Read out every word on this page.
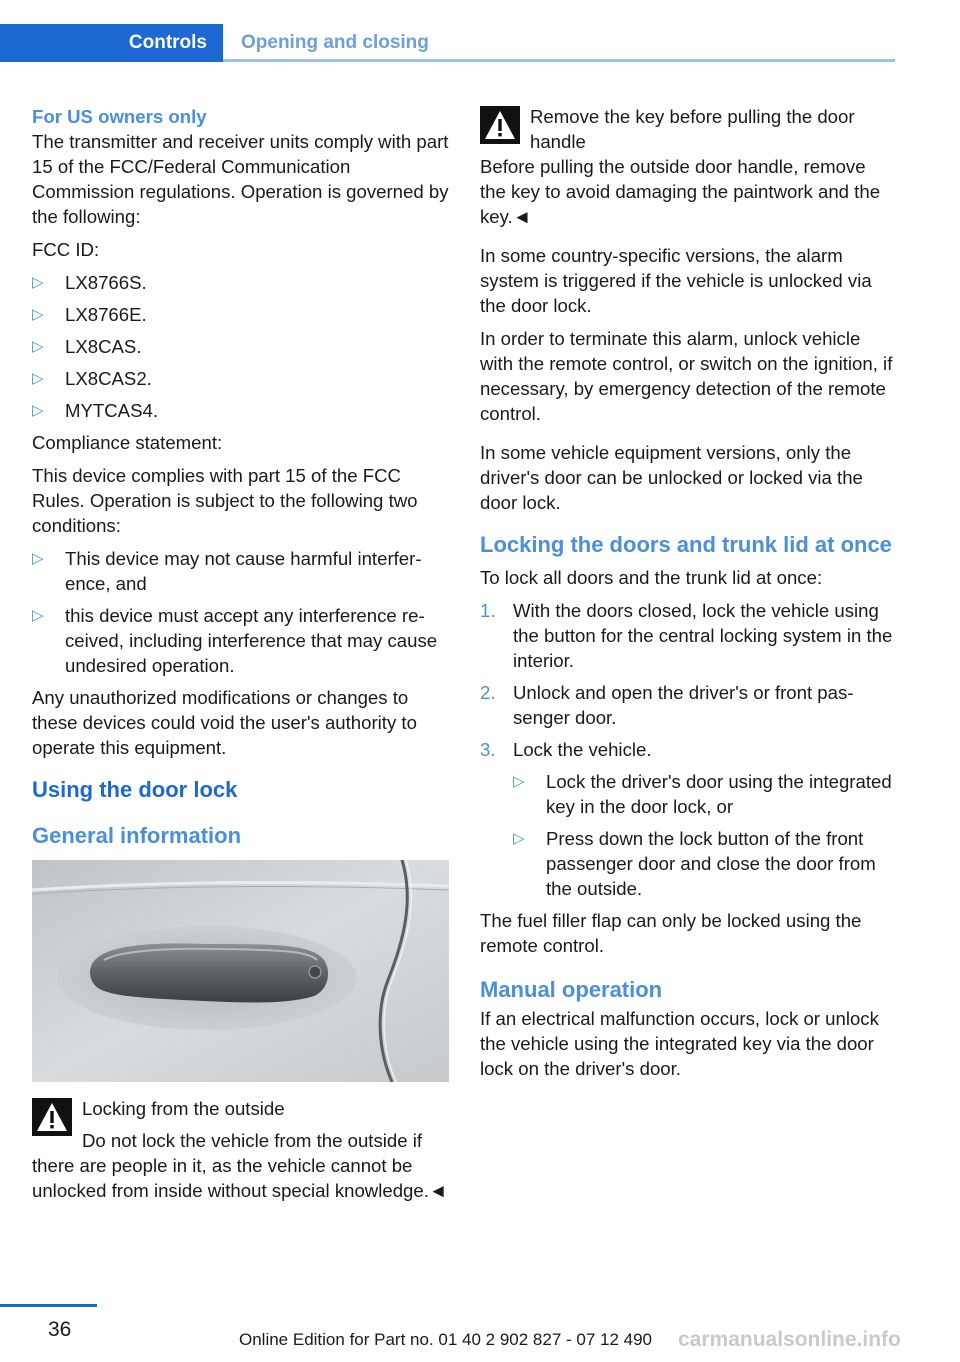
Controls	Opening and closing
For US owners only

The transmitter and receiver units comply with part 15 of the FCC/Federal Communication Commission regulations. Operation is governed by the following:

FCC ID:

▷ LX8766S.
▷ LX8766E.
▷ LX8CAS.
▷ LX8CAS2.
▷ MYTCAS4.

Compliance statement:

This device complies with part 15 of the FCC Rules. Operation is subject to the following two conditions:

▷ This device may not cause harmful interference, and
▷ this device must accept any interference received, including interference that may cause undesired operation.

Any unauthorized modifications or changes to these devices could void the user's authority to operate this equipment.

Using the door lock
General information
Locking from the outside

Do not lock the vehicle from the outside if there are people in it, as the vehicle cannot be unlocked from inside without special knowledge.◄

Remove the key before pulling the door handle

Before pulling the outside door handle, remove the key to avoid damaging the paintwork and the key.◄

In some country-specific versions, the alarm system is triggered if the vehicle is unlocked via the door lock.

In order to terminate this alarm, unlock vehicle with the remote control, or switch on the ignition, if necessary, by emergency detection of the remote control.

In some vehicle equipment versions, only the driver's door can be unlocked or locked via the door lock.

Locking the doors and trunk lid at once

To lock all doors and the trunk lid at once:

1. With the doors closed, lock the vehicle using the button for the central locking system in the interior.
2. Unlock and open the driver's or front passenger door.
3. Lock the vehicle.
▷ Lock the driver's door using the integrated key in the door lock, or
▷ Press down the lock button of the front passenger door and close the door from the outside.

The fuel filler flap can only be locked using the remote control.

Manual operation

If an electrical malfunction occurs, lock or unlock the vehicle using the integrated key via the door lock on the driver's door.

36	Online Edition for Part no. 01 40 2 902 827 - 07 12 490 carmanualsonline.info
